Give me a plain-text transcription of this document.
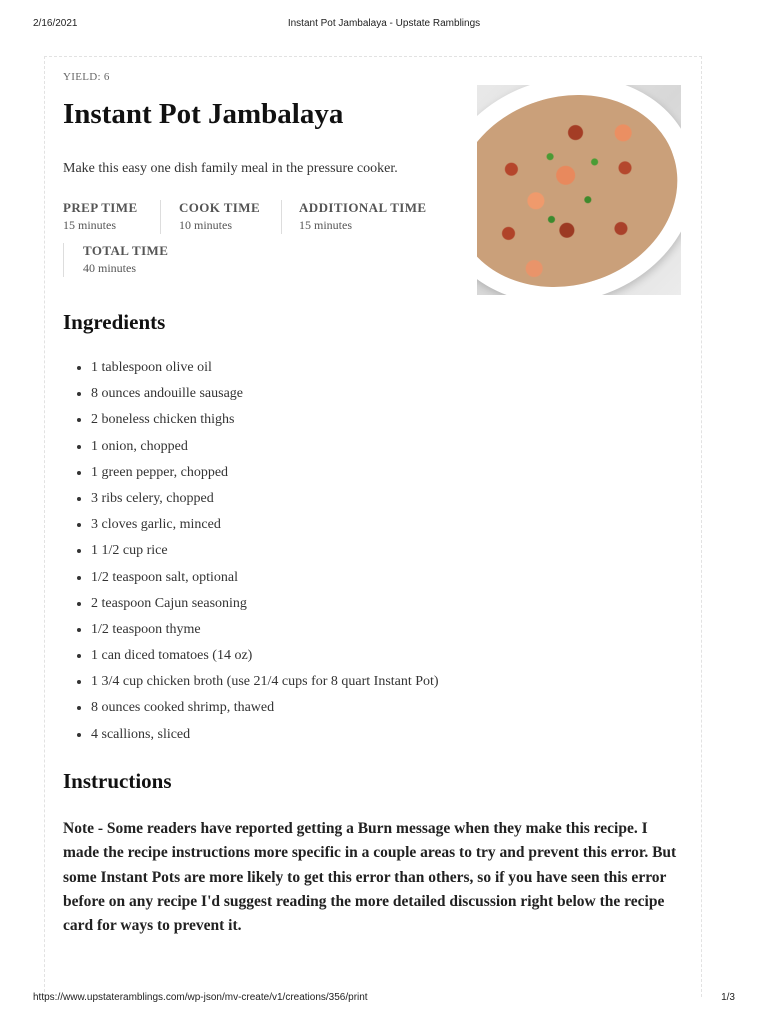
2/16/2021	Instant Pot Jambalaya - Upstate Ramblings
YIELD: 6
Instant Pot Jambalaya
Make this easy one dish family meal in the pressure cooker.
PREP TIME
15 minutes
COOK TIME
10 minutes
ADDITIONAL TIME
15 minutes
TOTAL TIME
40 minutes
Ingredients
• 1 tablespoon olive oil
• 8 ounces andouille sausage
• 2 boneless chicken thighs
• 1 onion, chopped
• 1 green pepper, chopped
• 3 ribs celery, chopped
• 3 cloves garlic, minced
• 1 1/2 cup rice
• 1/2 teaspoon salt, optional
• 2 teaspoon Cajun seasoning
• 1/2 teaspoon thyme
• 1 can diced tomatoes (14 oz)
• 1 3/4 cup chicken broth (use 21/4 cups for 8 quart Instant Pot)
• 8 ounces cooked shrimp, thawed
• 4 scallions, sliced
Instructions
Note - Some readers have reported getting a Burn message when they make this recipe. I made the recipe instructions more specific in a couple areas to try and prevent this error. But some Instant Pots are more likely to get this error than others, so if you have seen this error before on any recipe I'd suggest reading the more detailed discussion right below the recipe card for ways to prevent it.
https://www.upstateramblings.com/wp-json/mv-create/v1/creations/356/print	1/3
